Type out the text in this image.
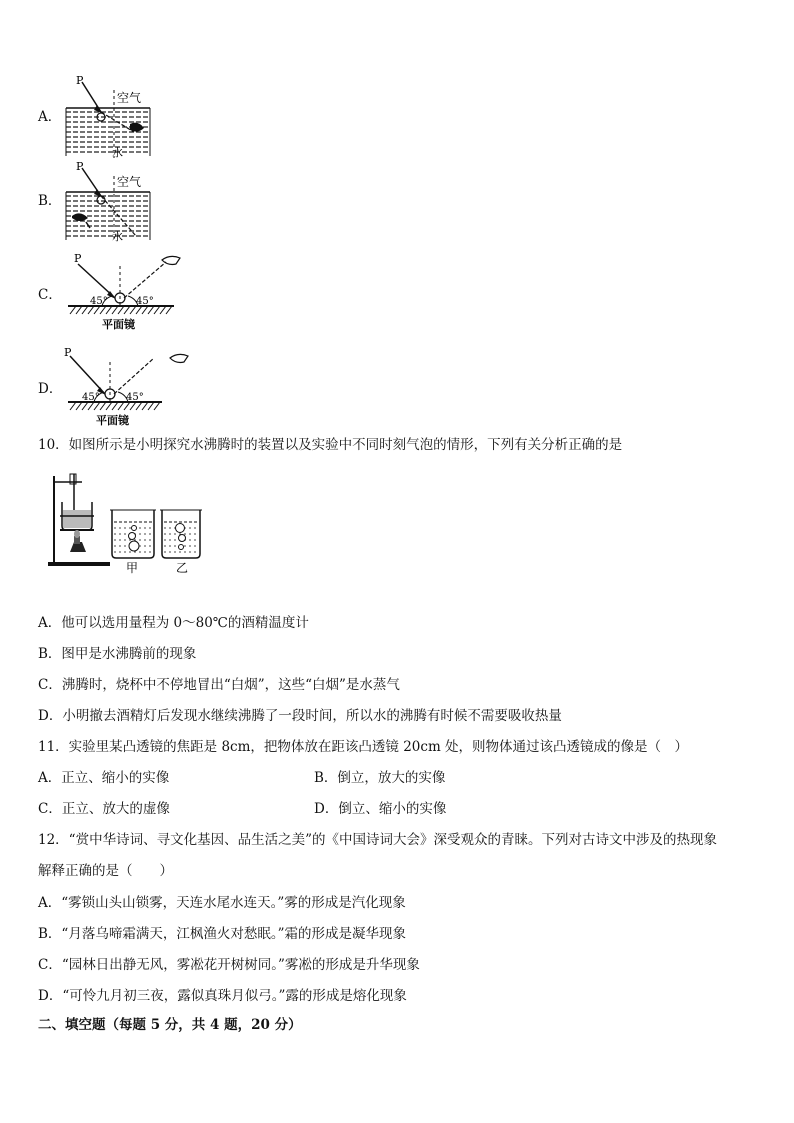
A．
P
空气
水
B．
P
空气
水
C．
P
45°	45°
平面镜
D．
P
45°	45°
平面镜
10．如图所示是小明探究水沸腾时的装置以及实验中不同时刻气泡的情形，下列有关分析正确的是
甲	乙
A．他可以选用量程为 0～80℃的酒精温度计
B．图甲是水沸腾前的现象
C．沸腾时，烧杯中不停地冒出“白烟”，这些“白烟”是水蒸气
D．小明撤去酒精灯后发现水继续沸腾了一段时间，所以水的沸腾有时候不需要吸收热量
11．实验里某凸透镜的焦距是 8cm，把物体放在距该凸透镜 20cm 处，则物体通过该凸透镜成的像是（　）
A．正立、缩小的实像	B．倒立，放大的实像
C．正立、放大的虚像	D．倒立、缩小的实像
12．“赏中华诗词、寻文化基因、品生活之美”的《中国诗词大会》深受观众的青睐。下列对古诗文中涉及的热现象
解释正确的是（　　）
A．“雾锁山头山锁雾，天连水尾水连天。”雾的形成是汽化现象
B．“月落乌啼霜满天，江枫渔火对愁眠。”霜的形成是凝华现象
C．“园林日出静无风，雾凇花开树树同。”雾凇的形成是升华现象
D．“可怜九月初三夜，露似真珠月似弓。”露的形成是熔化现象
二、填空题（每题 5 分，共 4 题，20 分）
